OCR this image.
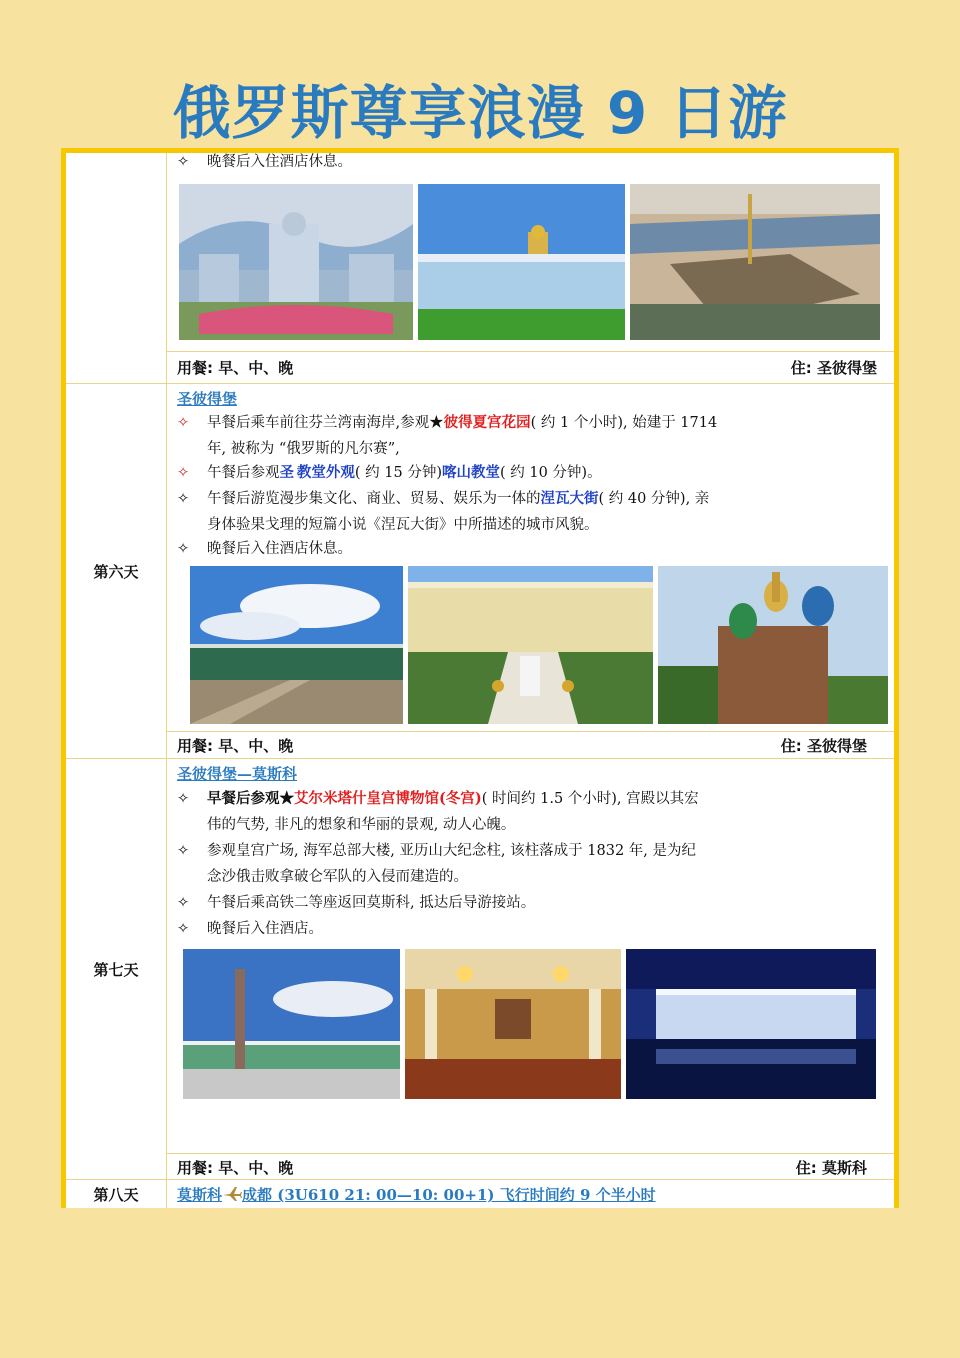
俄罗斯尊享浪漫 9 日游
✧ 晚餐后入住酒店休息。
用餐: 早、中、晚	住: 圣彼得堡
第六天
圣彼得堡
✧ 早餐后乘车前往芬兰湾南海岸,参观★彼得夏宫花园( 约 1 个小时), 始建于 1714
年, 被称为 “俄罗斯的凡尔赛”,
✧ 午餐后参观圣 教堂外观( 约 15 分钟)喀山教堂( 约 10 分钟)。
✧ 午餐后游览漫步集文化、商业、贸易、娱乐为一体的涅瓦大街( 约 40 分钟), 亲
身体验果戈理的短篇小说《涅瓦大街》中所描述的城市风貌。
✧ 晚餐后入住酒店休息。
用餐: 早、中、晚	住: 圣彼得堡
第七天
圣彼得堡—莫斯科
✧ 早餐后参观★艾尔米塔什皇宫博物馆(冬宫)( 时间约 1.5 个小时), 宫殿以其宏
伟的气势, 非凡的想象和华丽的景观, 动人心魄。
✧ 参观皇宫广场, 海军总部大楼, 亚历山大纪念柱, 该柱落成于 1832 年, 是为纪
念沙俄击败拿破仑军队的入侵而建造的。
✧ 午餐后乘高铁二等座返回莫斯科, 抵达后导游接站。
✧ 晚餐后入住酒店。
用餐: 早、中、晚	住: 莫斯科
第八天	莫斯科 成都 (3U610 21: 00—10: 00+1) 飞行时间约 9 个半小时
